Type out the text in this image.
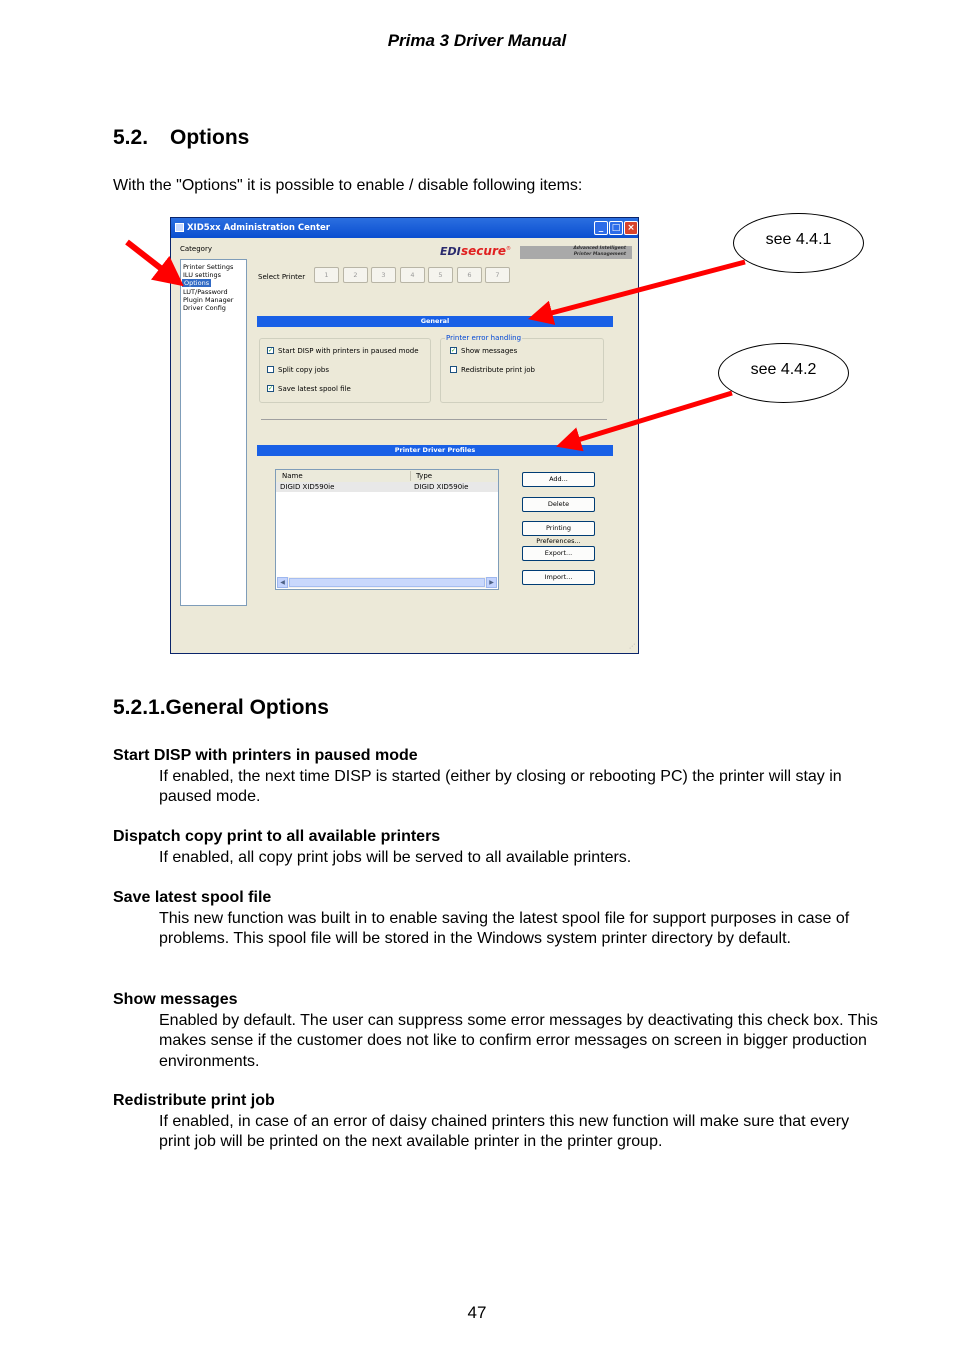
Prima 3 Driver Manual
5.2. Options
With the "Options" it is possible to enable / disable following items:
XID5xx Administration Center	_ □ ×
Category
Printer Settings
ILU settings
Options
LUT/Password
Plugin Manager
Driver Config
EDI secure ®	Advanced Intelligent
Printer Management
Select Printer	1	2	3	4	5	6	7
General
✓ Start DISP with printers in paused mode
Split copy jobs
✓ Save latest spool file
Printer error handling
✓ Show messages
Redistribute print job
Printer Driver Profiles
Name	Type
DIGID XID590ie	DIGID XID590ie
◀	▶
Add...
Delete
Printing Preferences...
Export...
Import...
⋰
see 4.4.1
see 4.4.2
5.2.1.General Options
Start DISP with printers in paused mode
If enabled, the next time DISP is started (either by closing or rebooting PC) the printer will stay in paused mode.
Dispatch copy print to all available printers
If enabled, all copy print jobs will be served to all available printers.
Save latest spool file
This new function was built in to enable saving the latest spool file for support purposes in case of problems. This spool file will be stored in the Windows system printer directory by default.
Show messages
Enabled by default. The user can suppress some error messages by deactivating this check box. This makes sense if the customer does not like to confirm error messages on screen in bigger production environments.
Redistribute print job
If enabled, in case of an error of daisy chained printers this new function will make sure that every print job will be printed on the next available printer in the printer group.
47
